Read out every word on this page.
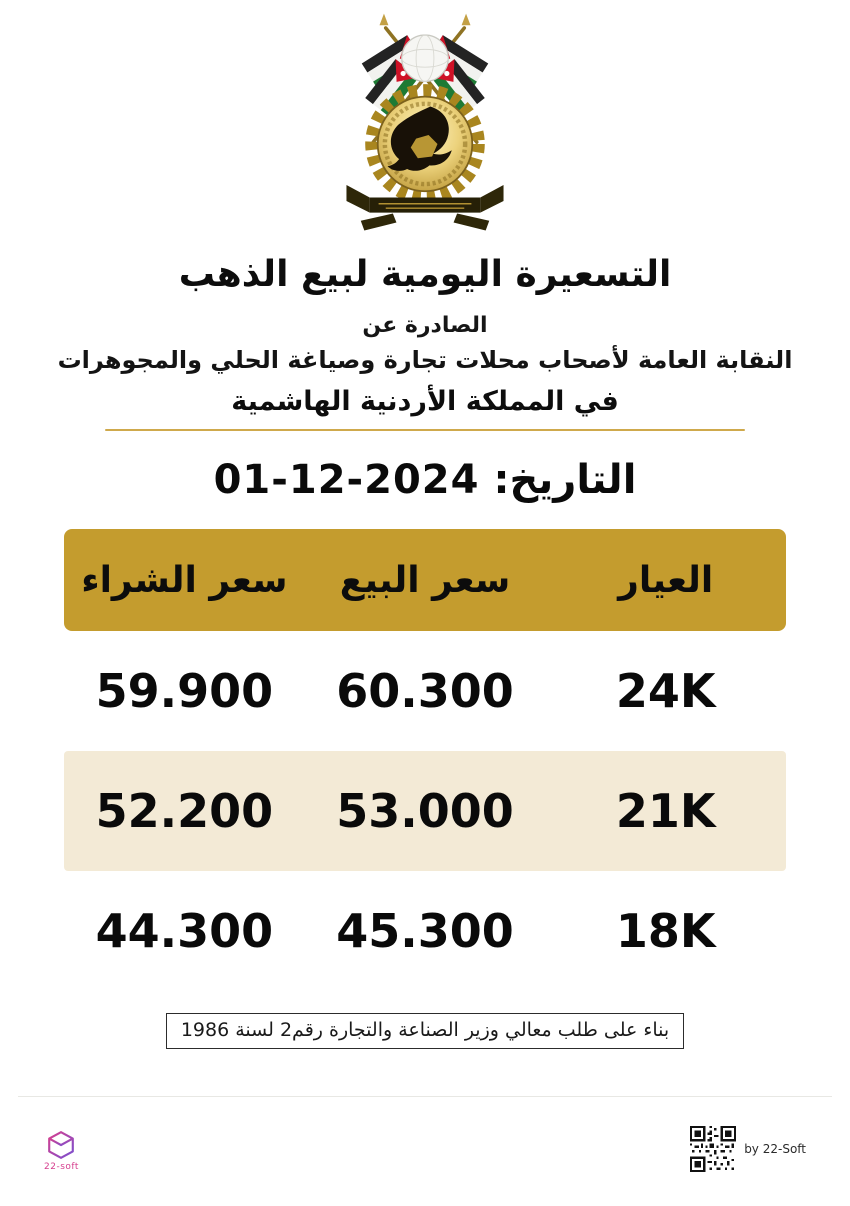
التسعيرة اليومية لبيع الذهب
الصادرة عن
النقابة العامة لأصحاب محلات تجارة وصياغة الحلي والمجوهرات
في المملكة الأردنية الهاشمية
التاريخ:
01-12-2024
العيار
سعر البيع
سعر الشراء
24K
60.300
59.900
21K
53.000
52.200
18K
45.300
44.300
بناء على طلب معالي وزير الصناعة والتجارة رقم2 لسنة 1986
22-soft
by 22-Soft
